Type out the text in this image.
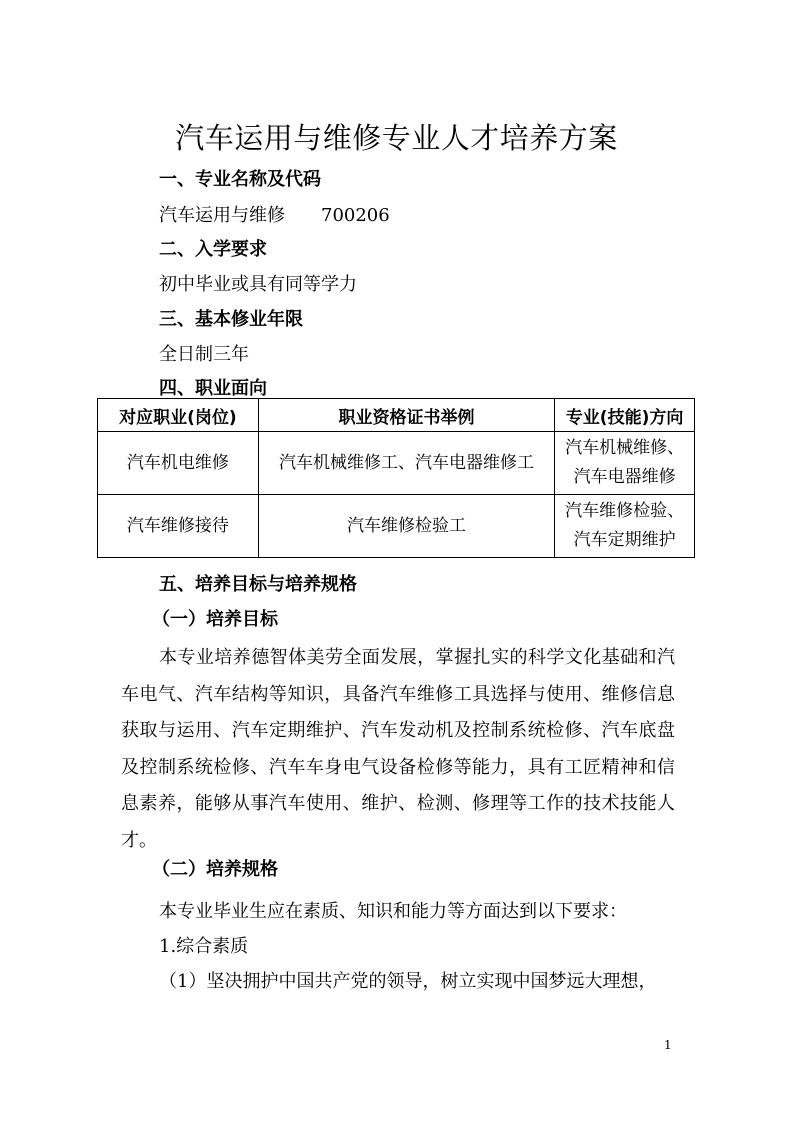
汽车运用与维修专业人才培养方案
一、专业名称及代码
汽车运用与维修 700206
二、入学要求
初中毕业或具有同等学力
三、基本修业年限
全日制三年
四、职业面向
对应职业(岗位)	职业资格证书举例	专业(技能)方向
汽车机电维修	汽车机械维修工、汽车电器维修工	汽车机械维修、
汽车电器维修
汽车维修接待	汽车维修检验工	汽车维修检验、
汽车定期维护
五、培养目标与培养规格
（一）培养目标
本专业培养德智体美劳全面发展，掌握扎实的科学文化基础和汽车电气、汽车结构等知识，具备汽车维修工具选择与使用、维修信息获取与运用、汽车定期维护、汽车发动机及控制系统检修、汽车底盘及控制系统检修、汽车车身电气设备检修等能力，具有工匠精神和信息素养，能够从事汽车使用、维护、检测、修理等工作的技术技能人才。
（二）培养规格
本专业毕业生应在素质、知识和能力等方面达到以下要求：
1.综合素质
（1）坚决拥护中国共产党的领导，树立实现中国梦远大理想，
1
